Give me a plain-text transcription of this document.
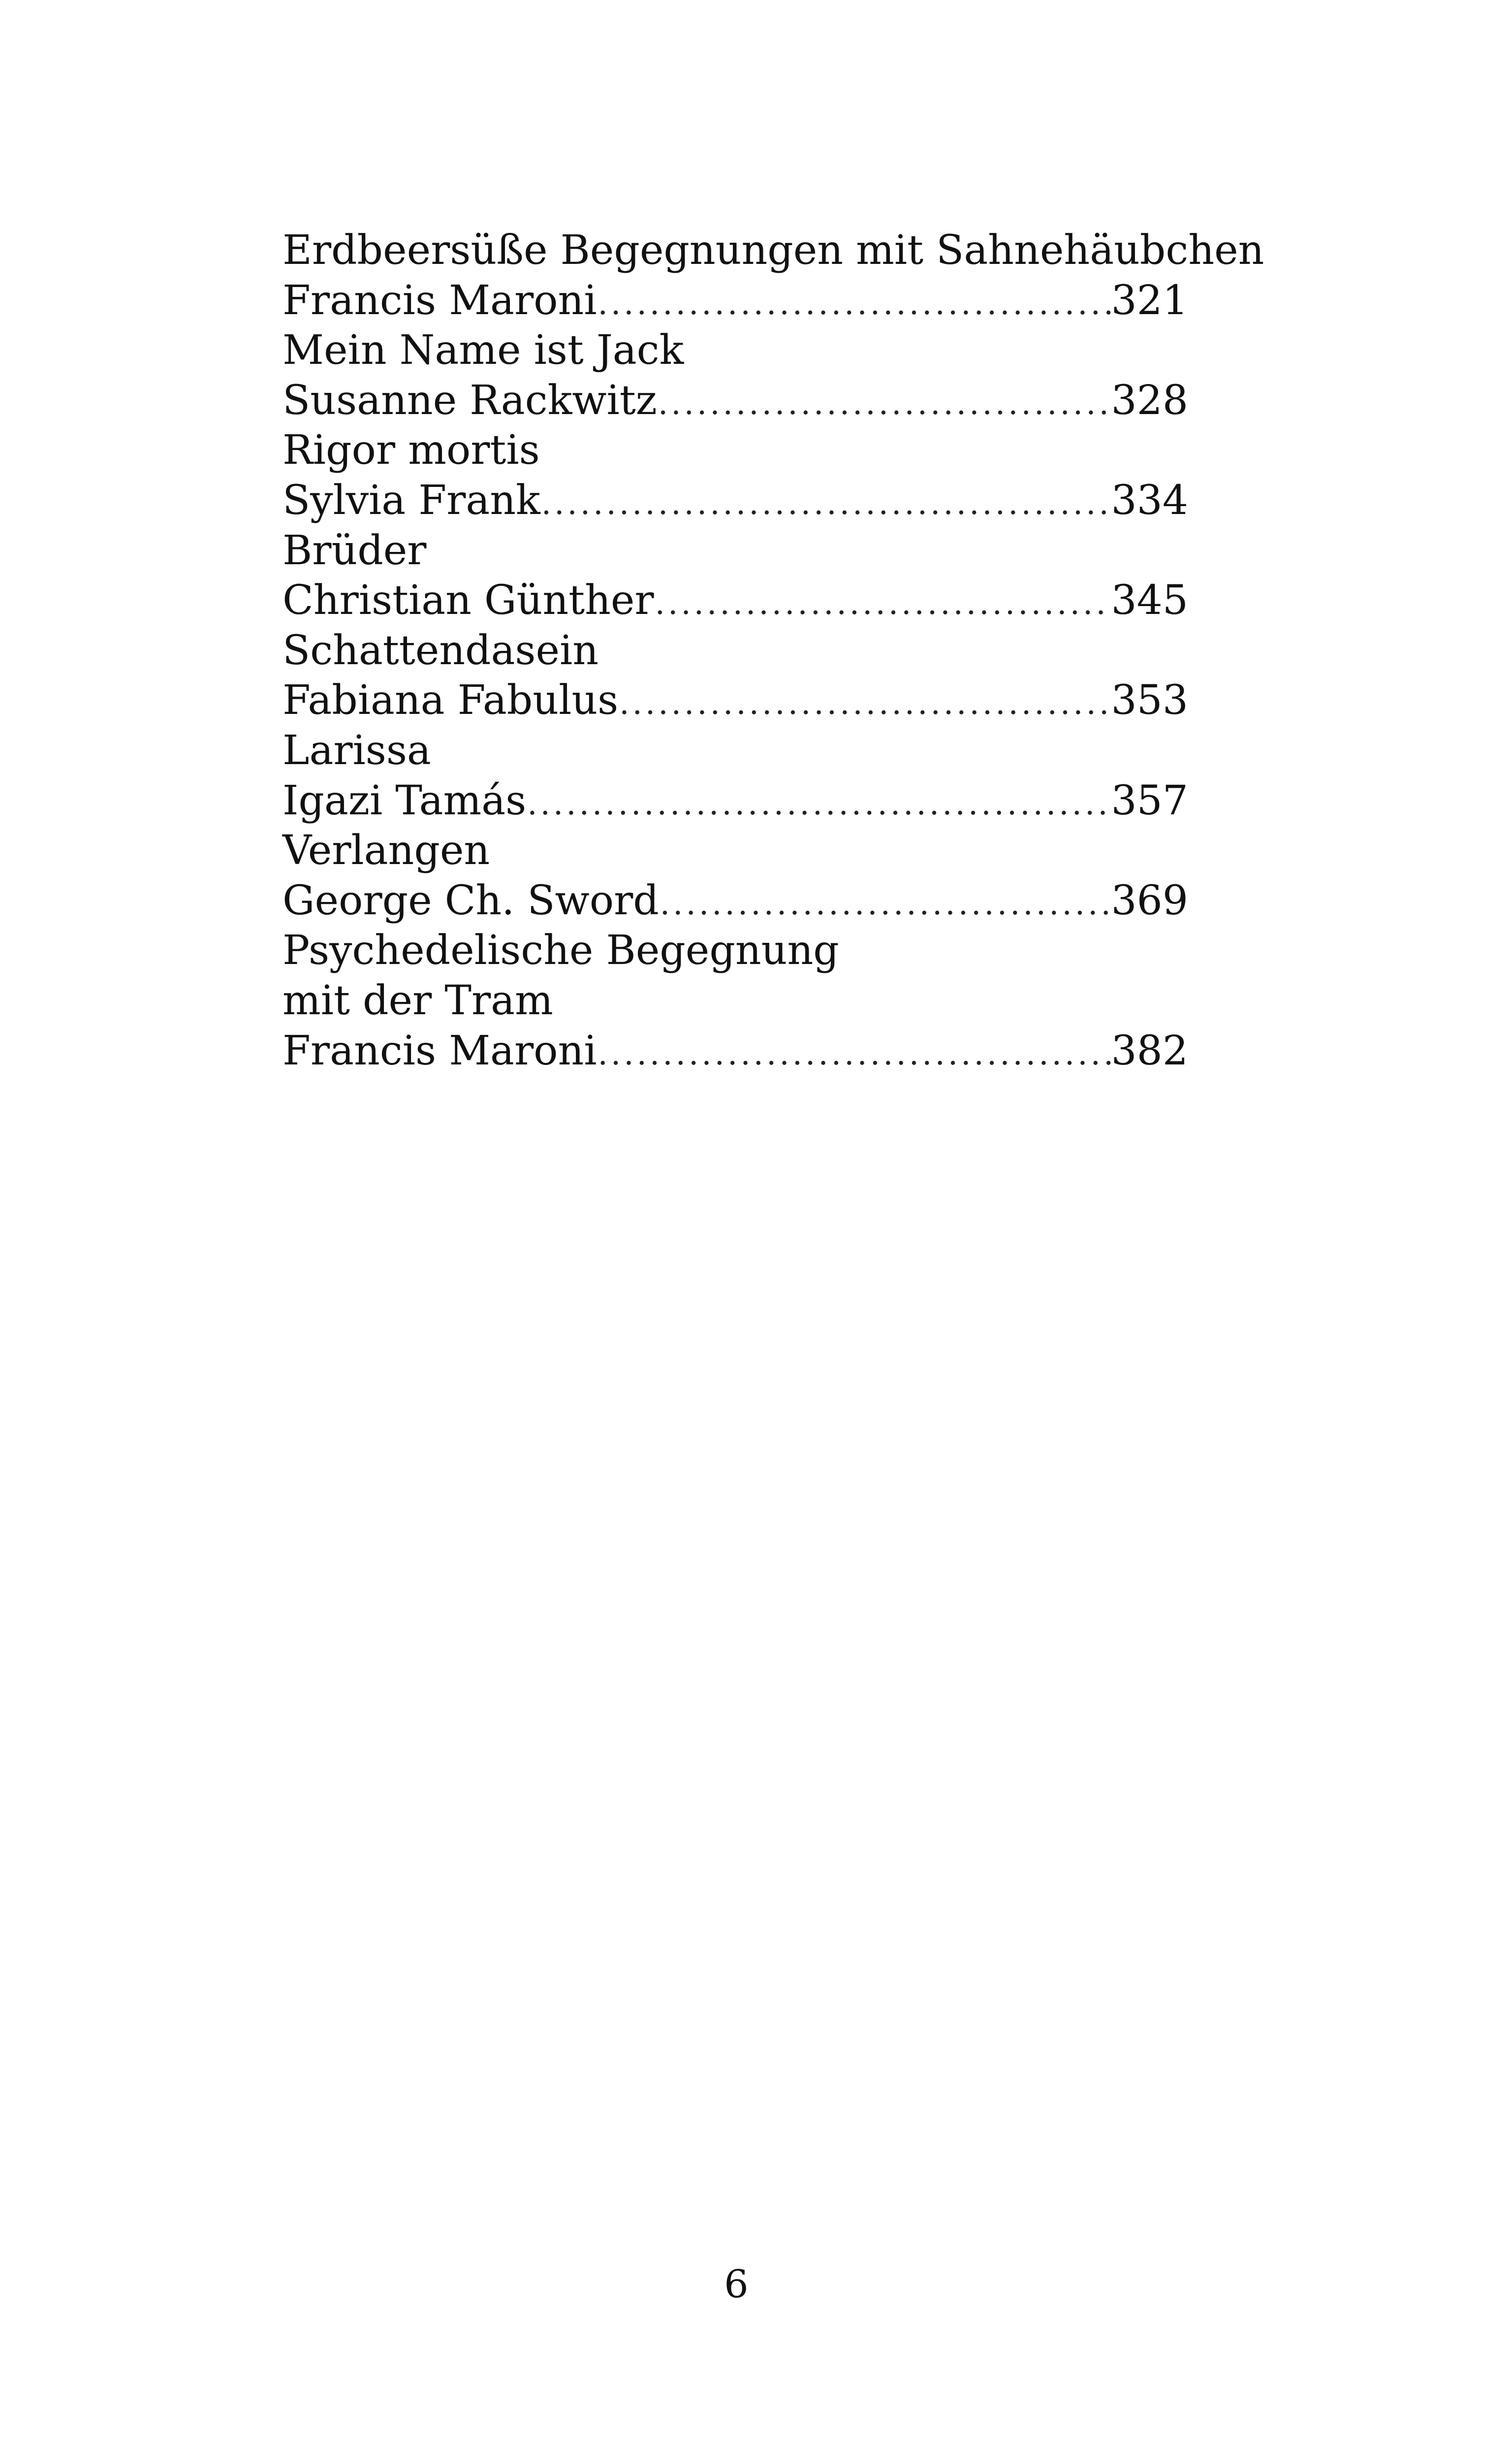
Erdbeersüße Begegnungen mit Sahnehäubchen
Francis Maroni .....	321
Mein Name ist Jack
Susanne Rackwitz .....	328
Rigor mortis
Sylvia Frank .....	334
Brüder
Christian Günther .....	345
Schattendasein
Fabiana Fabulus .....	353
Larissa
Igazi Tamás .....	357
Verlangen
George Ch. Sword .....	369
Psychedelische Begegnung
mit der Tram
Francis Maroni .....	382
6
